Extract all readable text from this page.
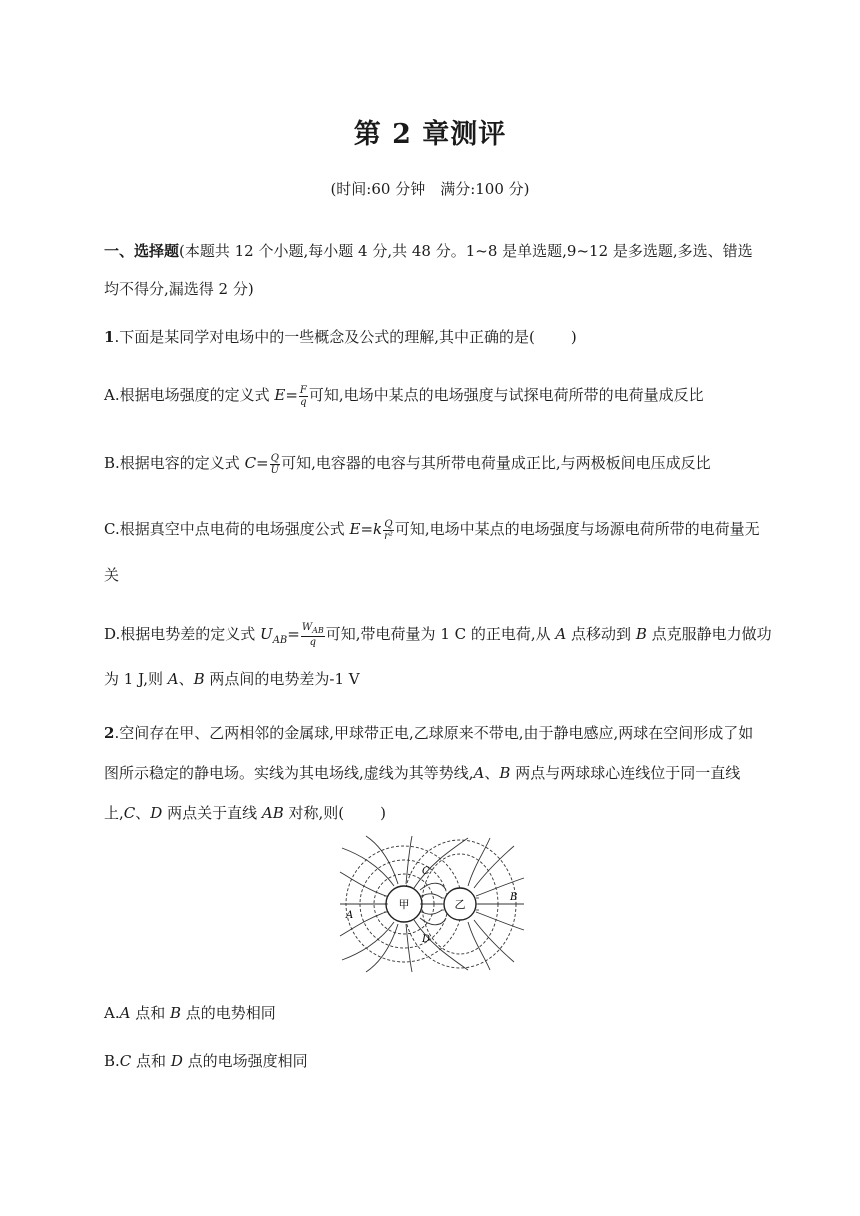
第 2 章测评
(时间:60 分钟　满分:100 分)
一、选择题(本题共 12 个小题,每小题 4 分,共 48 分。1~8 是单选题,9~12 是多选题,多选、错选均不得分,漏选得 2 分)
1.下面是某同学对电场中的一些概念及公式的理解,其中正确的是( )
A.根据电场强度的定义式 $E= \frac{F}{q}$ 可知,电场中某点的电场强度与试探电荷所带的电荷量成反比
B.根据电容的定义式 $C= \frac{Q}{U}$ 可知,电容器的电容与其所带电荷量成正比,与两极板间电压成反比
C.根据真空中点电荷的电场强度公式 $E=k \frac{Q}{\text{r²}}$ 可知,电场中某点的电场强度与场源电荷所带的电荷量无
关
D.根据电势差的定义式 $U_{AB}= \frac{W_{AB}}{q}$ 可知,带电荷量为 1 C 的正电荷,从 A 点移动到 B 点克服静电力做功
为 1 J,则 A、B 两点间的电势差为-1 V
2.空间存在甲、乙两相邻的金属球,甲球带正电,乙球原来不带电,由于静电感应,两球在空间形成了如
图所示稳定的静电场。实线为其电场线,虚线为其等势线,A、B 两点与两球球心连线位于同一直线
上,C、D 两点关于直线 AB 对称,则( )
甲	乙
A
B
C
D
A.A 点和 B 点的电势相同
B.C 点和 D 点的电场强度相同
